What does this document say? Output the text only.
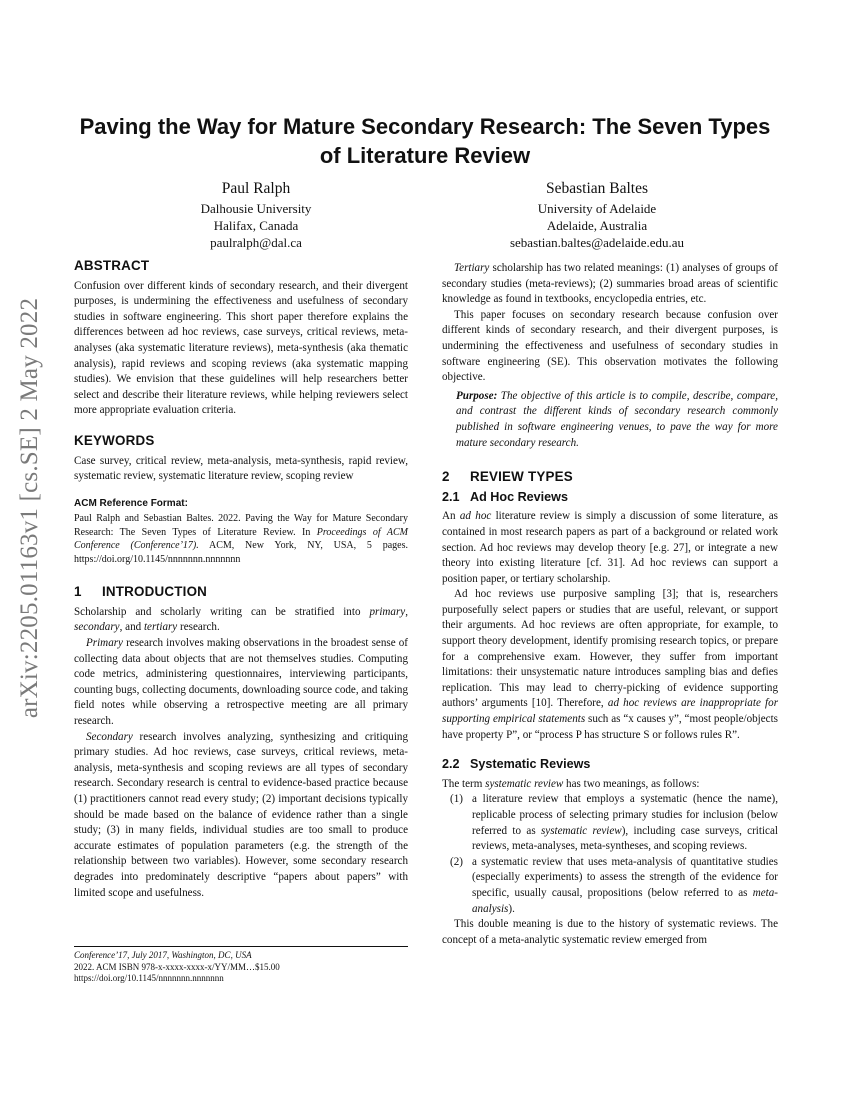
arXiv:2205.01163v1 [cs.SE] 2 May 2022
Paving the Way for Mature Secondary Research: The Seven Types of Literature Review
Paul Ralph
Dalhousie University
Halifax, Canada
paulralph@dal.ca
Sebastian Baltes
University of Adelaide
Adelaide, Australia
sebastian.baltes@adelaide.edu.au
ABSTRACT

Confusion over different kinds of secondary research, and their divergent purposes, is undermining the effectiveness and usefulness of secondary studies in software engineering. This short paper therefore explains the differences between ad hoc reviews, case surveys, critical reviews, meta-analyses (aka systematic literature reviews), meta-synthesis (aka thematic analysis), rapid reviews and scoping reviews (aka systematic mapping studies). We envision that these guidelines will help researchers better select and describe their literature reviews, while helping reviewers select more appropriate evaluation criteria.

KEYWORDS

Case survey, critical review, meta-analysis, meta-synthesis, rapid review, systematic review, systematic literature review, scoping review

ACM Reference Format:

Paul Ralph and Sebastian Baltes. 2022. Paving the Way for Mature Secondary Research: The Seven Types of Literature Review. In Proceedings of ACM Conference (Conference’17). ACM, New York, NY, USA, 5 pages. https://doi.org/10.1145/nnnnnnn.nnnnnnn

1 INTRODUCTION

Scholarship and scholarly writing can be stratified into primary, secondary, and tertiary research.

Primary research involves making observations in the broadest sense of collecting data about objects that are not themselves studies. Computing code metrics, administering questionnaires, interviewing participants, counting bugs, collecting documents, downloading source code, and taking field notes while observing a retrospective meeting are all primary research.

Secondary research involves analyzing, synthesizing and critiquing primary studies. Ad hoc reviews, case surveys, critical reviews, meta-analysis, meta-synthesis and scoping reviews are all types of secondary research. Secondary research is central to evidence-based practice because (1) practitioners cannot read every study; (2) important decisions typically should be made based on the balance of evidence rather than a single study; (3) in many fields, individual studies are too small to produce accurate estimates of population parameters (e.g. the strength of the relationship between two variables). However, some secondary research degrades into predominately descriptive “papers about papers” with limited scope and usefulness.

Conference’17, July 2017, Washington, DC, USA
2022. ACM ISBN 978-x-xxxx-xxxx-x/YY/MM…$15.00
https://doi.org/10.1145/nnnnnnn.nnnnnnn

Tertiary scholarship has two related meanings: (1) analyses of groups of secondary studies (meta-reviews); (2) summaries broad areas of scientific knowledge as found in textbooks, encyclopedia entries, etc.

This paper focuses on secondary research because confusion over different kinds of secondary research, and their divergent purposes, is undermining the effectiveness and usefulness of secondary studies in software engineering (SE). This observation motivates the following objective.

Purpose: The objective of this article is to compile, describe, compare, and contrast the different kinds of secondary research commonly published in software engineering venues, to pave the way for more mature secondary research.

2 REVIEW TYPES
2.1 Ad Hoc Reviews

An ad hoc literature review is simply a discussion of some literature, as contained in most research papers as part of a background or related work section. Ad hoc reviews may develop theory [e.g. 27], or integrate a new theory into existing literature [cf. 31]. Ad hoc reviews can support a position paper, or tertiary scholarship.

Ad hoc reviews use purposive sampling [3]; that is, researchers purposefully select papers or studies that are useful, relevant, or support their arguments. Ad hoc reviews are often appropriate, for example, to support theory development, identify promising research topics, or prepare for a comprehensive exam. However, they suffer from important limitations: their unsystematic nature introduces sampling bias and defies replication. This may lead to cherry-picking of evidence supporting authors’ arguments [10]. Therefore, ad hoc reviews are inappropriate for supporting empirical statements such as “x causes y”, “most people/objects have property P”, or “process P has structure S or follows rules R”.

2.2 Systematic Reviews

The term systematic review has two meanings, as follows:

(1) a literature review that employs a systematic (hence the name), replicable process of selecting primary studies for inclusion (below referred to as systematic review), including case surveys, critical reviews, meta-analyses, meta-syntheses, and scoping reviews.
(2) a systematic review that uses meta-analysis of quantitative studies (especially experiments) to assess the strength of the evidence for specific, usually causal, propositions (below referred to as meta-analysis).

This double meaning is due to the history of systematic reviews. The concept of a meta-analytic systematic review emerged from
